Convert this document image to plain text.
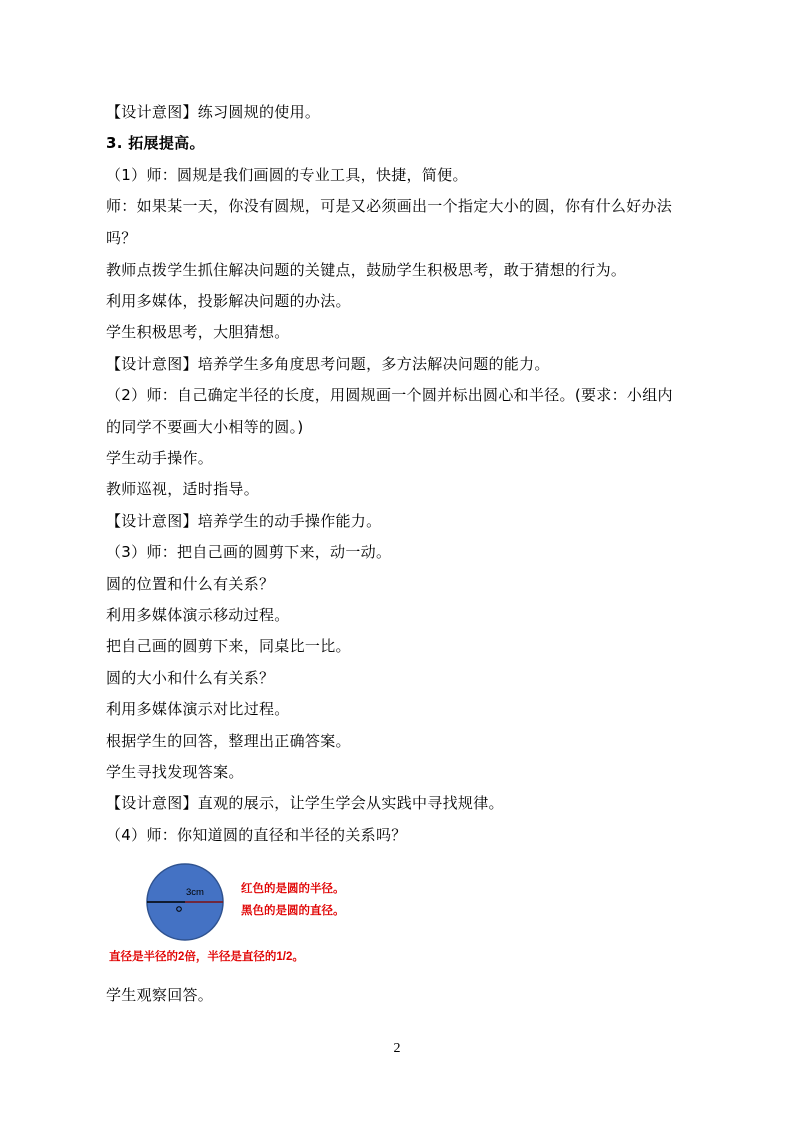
【设计意图】练习圆规的使用。
3. 拓展提高。
（1）师：圆规是我们画圆的专业工具，快捷，简便。
师：如果某一天，你没有圆规，可是又必须画出一个指定大小的圆，你有什么好办法
吗？
教师点拨学生抓住解决问题的关键点，鼓励学生积极思考，敢于猜想的行为。
利用多媒体，投影解决问题的办法。
学生积极思考，大胆猜想。
【设计意图】培养学生多角度思考问题，多方法解决问题的能力。
（2）师：自己确定半径的长度，用圆规画一个圆并标出圆心和半径。(要求：小组内
的同学不要画大小相等的圆。)
学生动手操作。
教师巡视，适时指导。
【设计意图】培养学生的动手操作能力。
（3）师：把自己画的圆剪下来，动一动。
圆的位置和什么有关系？
利用多媒体演示移动过程。
把自己画的圆剪下来，同桌比一比。
圆的大小和什么有关系？
利用多媒体演示对比过程。
根据学生的回答，整理出正确答案。
学生寻找发现答案。
【设计意图】直观的展示，让学生学会从实践中寻找规律。
（4）师：你知道圆的直径和半径的关系吗？
3cm	红色的是圆的半径。
黑色的是圆的直径。
直径是半径的2倍，半径是直径的1/2。
学生观察回答。
2
